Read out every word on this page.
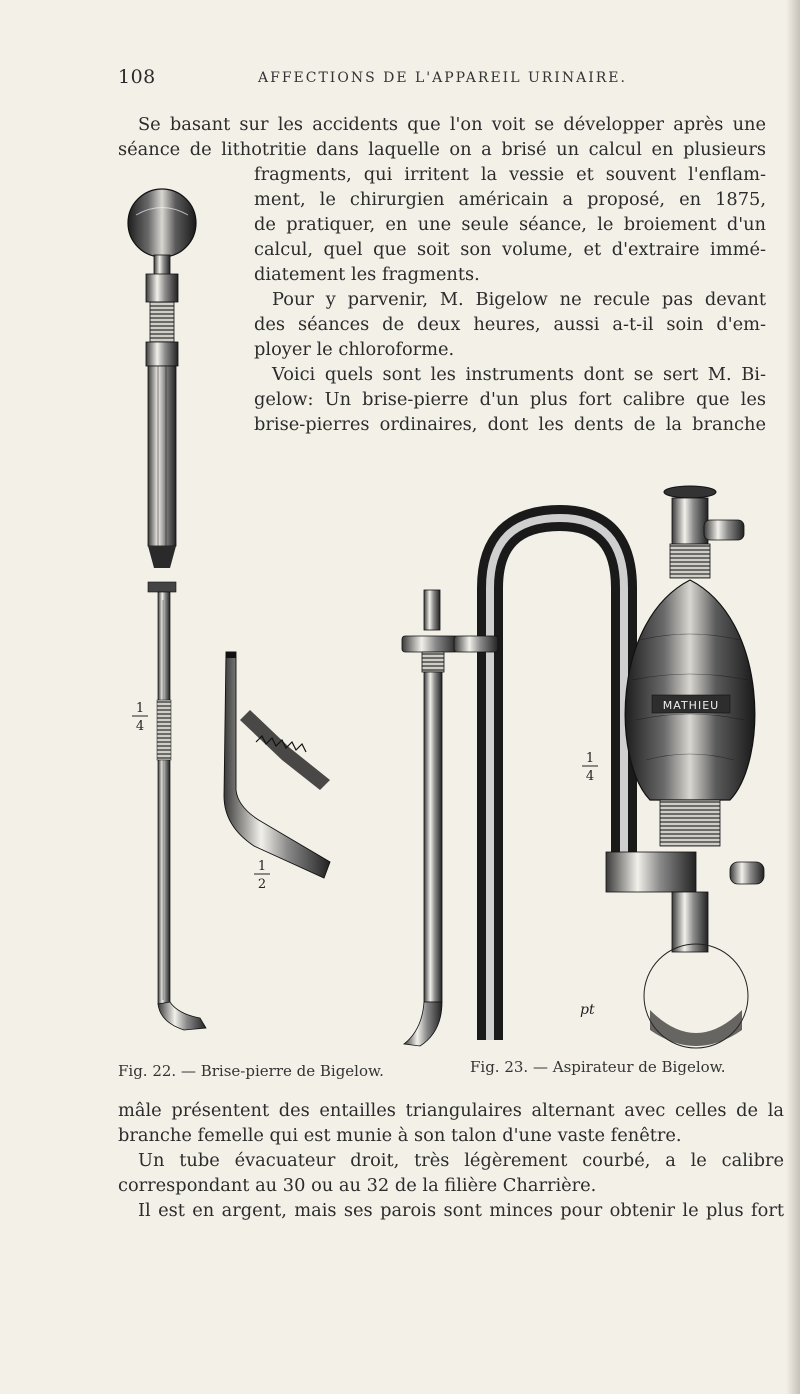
108	AFFECTIONS DE L'APPAREIL URINAIRE.
Se basant sur les accidents que l'on voit se développer après une
séance de lithotritie dans laquelle on a brisé un calcul en plusieurs
fragments, qui irritent la vessie et souvent l'enflam-
ment, le chirurgien américain a proposé, en 1875,
de pratiquer, en une seule séance, le broiement d'un
calcul, quel que soit son volume, et d'extraire immé-
diatement les fragments.
Pour y parvenir, M. Bigelow ne recule pas devant
des séances de deux heures, aussi a-t-il soin d'em-
ployer le chloroforme.
Voici quels sont les instruments dont se sert M. Bi-
gelow: Un brise-pierre d'un plus fort calibre que les
brise-pierres ordinaires, dont les dents de la branche
MATHIEU
pt
1
4
1
2
1
4
Fig. 22. — Brise-pierre de Bigelow.	Fig. 23. — Aspirateur de Bigelow.
mâle présentent des entailles triangulaires alternant avec celles de la
branche femelle qui est munie à son talon d'une vaste fenêtre.
Un tube évacuateur droit, très légèrement courbé, a le calibre
correspondant au 30 ou au 32 de la filière Charrière.
Il est en argent, mais ses parois sont minces pour obtenir le plus fort
